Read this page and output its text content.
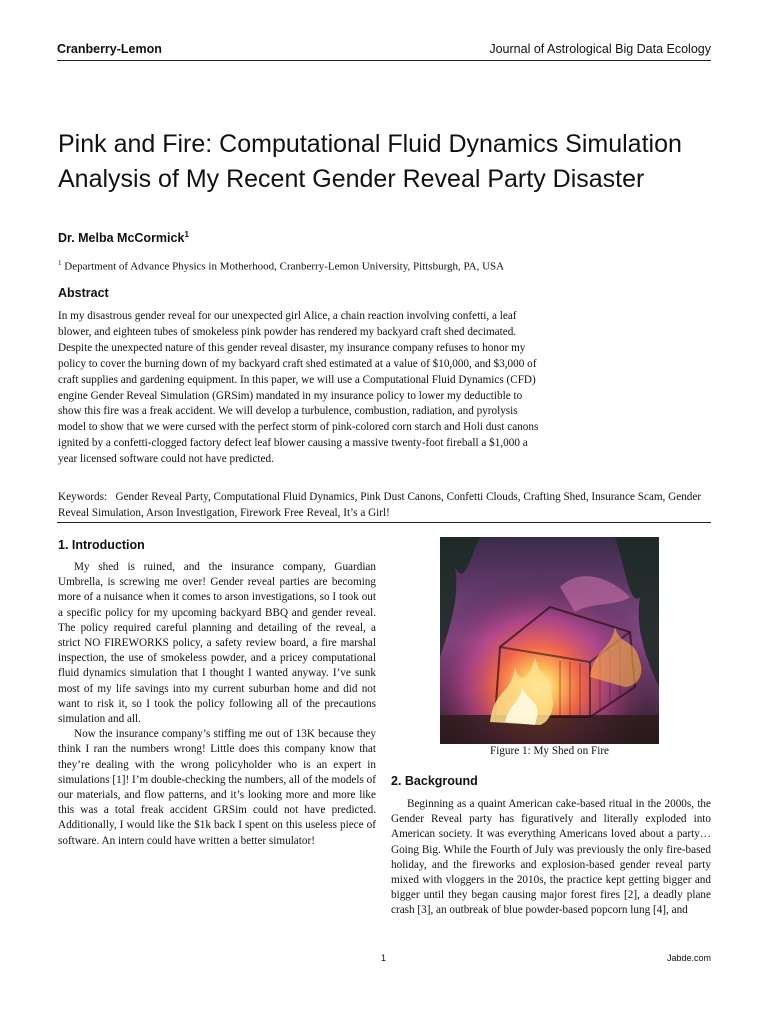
Cranberry-Lemon	Journal of Astrological Big Data Ecology
Pink and Fire: Computational Fluid Dynamics Simulation Analysis of My Recent Gender Reveal Party Disaster
Dr. Melba McCormick$^1$
$^1$ Department of Advance Physics in Motherhood, Cranberry-Lemon University, Pittsburgh, PA, USA
Abstract

In my disastrous gender reveal for our unexpected girl Alice, a chain reaction involving confetti, a leaf blower, and eighteen tubes of smokeless pink powder has rendered my backyard craft shed decimated. Despite the unexpected nature of this gender reveal disaster, my insurance company refuses to honor my policy to cover the burning down of my backyard craft shed estimated at a value of $10,000, and $3,000 of craft supplies and gardening equipment. In this paper, we will use a Computational Fluid Dynamics (CFD) engine Gender Reveal Simulation (GRSim) mandated in my insurance policy to lower my deductible to show this fire was a freak accident. We will develop a turbulence, combustion, radiation, and pyrolysis model to show that we were cursed with the perfect storm of pink-colored corn starch and Holi dust canons ignited by a confetti-clogged factory defect leaf blower causing a massive twenty-foot fireball a $1,000 a year licensed software could not have predicted.

Keywords: Gender Reveal Party, Computational Fluid Dynamics, Pink Dust Canons, Confetti Clouds, Crafting Shed, Insurance Scam, Gender Reveal Simulation, Arson Investigation, Firework Free Reveal, It’s a Girl!

1. Introduction

My shed is ruined, and the insurance company, Guardian Umbrella, is screwing me over! Gender reveal parties are becoming more of a nuisance when it comes to arson investigations, so I took out a specific policy for my upcoming backyard BBQ and gender reveal. The policy required careful planning and detailing of the reveal, a strict NO FIREWORKS policy, a safety review board, a fire marshal inspection, the use of smokeless powder, and a pricey computational fluid dynamics simulation that I thought I wanted anyway. I’ve sunk most of my life savings into my current suburban home and did not want to risk it, so I took the policy following all of the precautions simulation and all.

Now the insurance company’s stiffing me out of 13K because they think I ran the numbers wrong! Little does this company know that they’re dealing with the wrong policyholder who is an expert in simulations [1]! I’m double-checking the numbers, all of the models of our materials, and flow patterns, and it’s looking more and more like this was a total freak accident GRSim could not have predicted. Additionally, I would like the $1k back I spent on this useless piece of software. An intern could have written a better simulator!

Figure 1: My Shed on Fire
2. Background

Beginning as a quaint American cake-based ritual in the 2000s, the Gender Reveal party has figuratively and literally exploded into American society. It was everything Americans loved about a party…Going Big. While the Fourth of July was previously the only fire-based holiday, and the fireworks and explosion-based gender reveal party mixed with vloggers in the 2010s, the practice kept getting bigger and bigger until they began causing major forest fires [2], a deadly plane crash [3], an outbreak of blue powder-based popcorn lung [4], and

1	Jabde.com
